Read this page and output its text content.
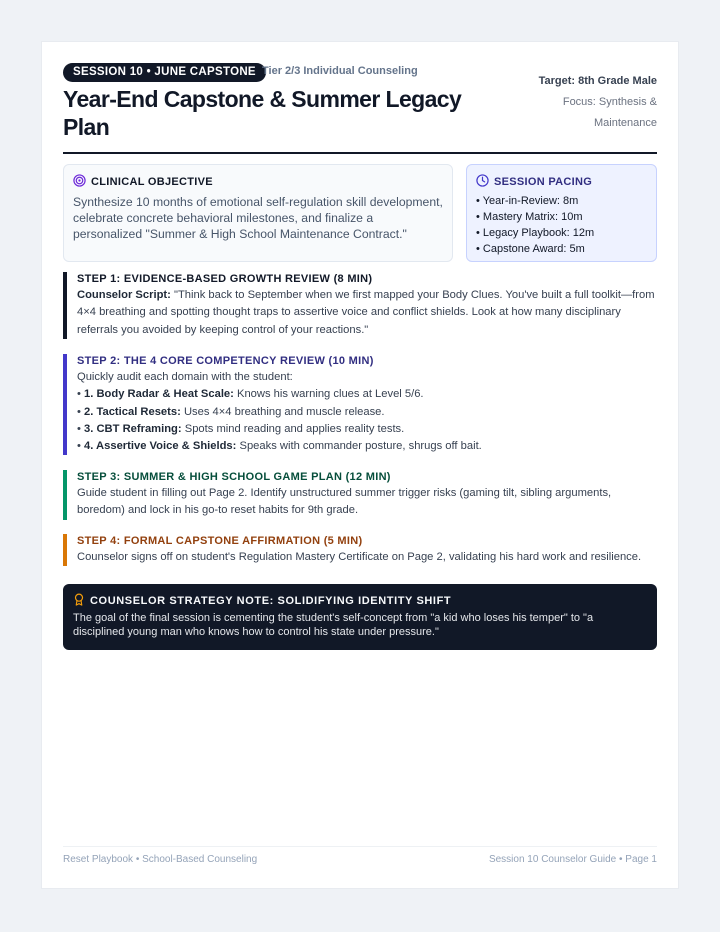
SESSION 10 • JUNE CAPSTONE Tier 2/3 Individual Counseling
Year-End Capstone & Summer Legacy Plan
Target: 8th Grade Male
Focus: Synthesis & Maintenance
CLINICAL OBJECTIVE

Synthesize 10 months of emotional self-regulation skill development, celebrate concrete behavioral milestones, and finalize a personalized "Summer & High School Maintenance Contract."

SESSION PACING
• Year-in-Review: 8m
• Mastery Matrix: 10m
• Legacy Playbook: 12m
• Capstone Award: 5m
STEP 1: EVIDENCE-BASED GROWTH REVIEW (8 MIN)

Counselor Script: "Think back to September when we first mapped your Body Clues. You've built a full toolkit—from 4×4 breathing and spotting thought traps to assertive voice and conflict shields. Look at how many disciplinary referrals you avoided by keeping control of your reactions."

STEP 2: THE 4 CORE COMPETENCY REVIEW (10 MIN)

Quickly audit each domain with the student:

• 1. Body Radar & Heat Scale: Knows his warning clues at Level 5/6.
• 2. Tactical Resets: Uses 4×4 breathing and muscle release.
• 3. CBT Reframing: Spots mind reading and applies reality tests.
• 4. Assertive Voice & Shields: Speaks with commander posture, shrugs off bait.
STEP 3: SUMMER & HIGH SCHOOL GAME PLAN (12 MIN)

Guide student in filling out Page 2. Identify unstructured summer trigger risks (gaming tilt, sibling arguments, boredom) and lock in his go-to reset habits for 9th grade.

STEP 4: FORMAL CAPSTONE AFFIRMATION (5 MIN)

Counselor signs off on student's Regulation Mastery Certificate on Page 2, validating his hard work and resilience.

COUNSELOR STRATEGY NOTE: SOLIDIFYING IDENTITY SHIFT

The goal of the final session is cementing the student's self-concept from "a kid who loses his temper" to "a disciplined young man who knows how to control his state under pressure."

Reset Playbook • School-Based Counseling	Session 10 Counselor Guide • Page 1
